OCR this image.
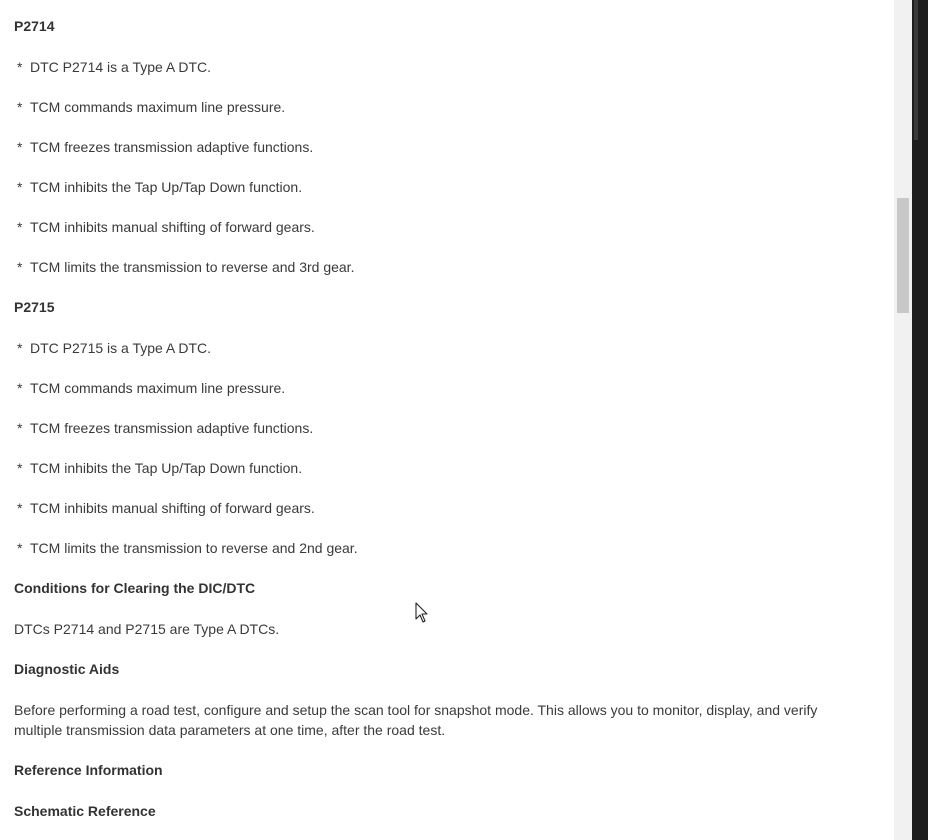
P2714
* DTC P2714 is a Type A DTC.
* TCM commands maximum line pressure.
* TCM freezes transmission adaptive functions.
* TCM inhibits the Tap Up/Tap Down function.
* TCM inhibits manual shifting of forward gears.
* TCM limits the transmission to reverse and 3rd gear.
P2715
* DTC P2715 is a Type A DTC.
* TCM commands maximum line pressure.
* TCM freezes transmission adaptive functions.
* TCM inhibits the Tap Up/Tap Down function.
* TCM inhibits manual shifting of forward gears.
* TCM limits the transmission to reverse and 2nd gear.
Conditions for Clearing the DIC/DTC
DTCs P2714 and P2715 are Type A DTCs.
Diagnostic Aids
Before performing a road test, configure and setup the scan tool for snapshot mode. This allows you to monitor, display, and verify multiple transmission data parameters at one time, after the road test.
Reference Information
Schematic Reference
